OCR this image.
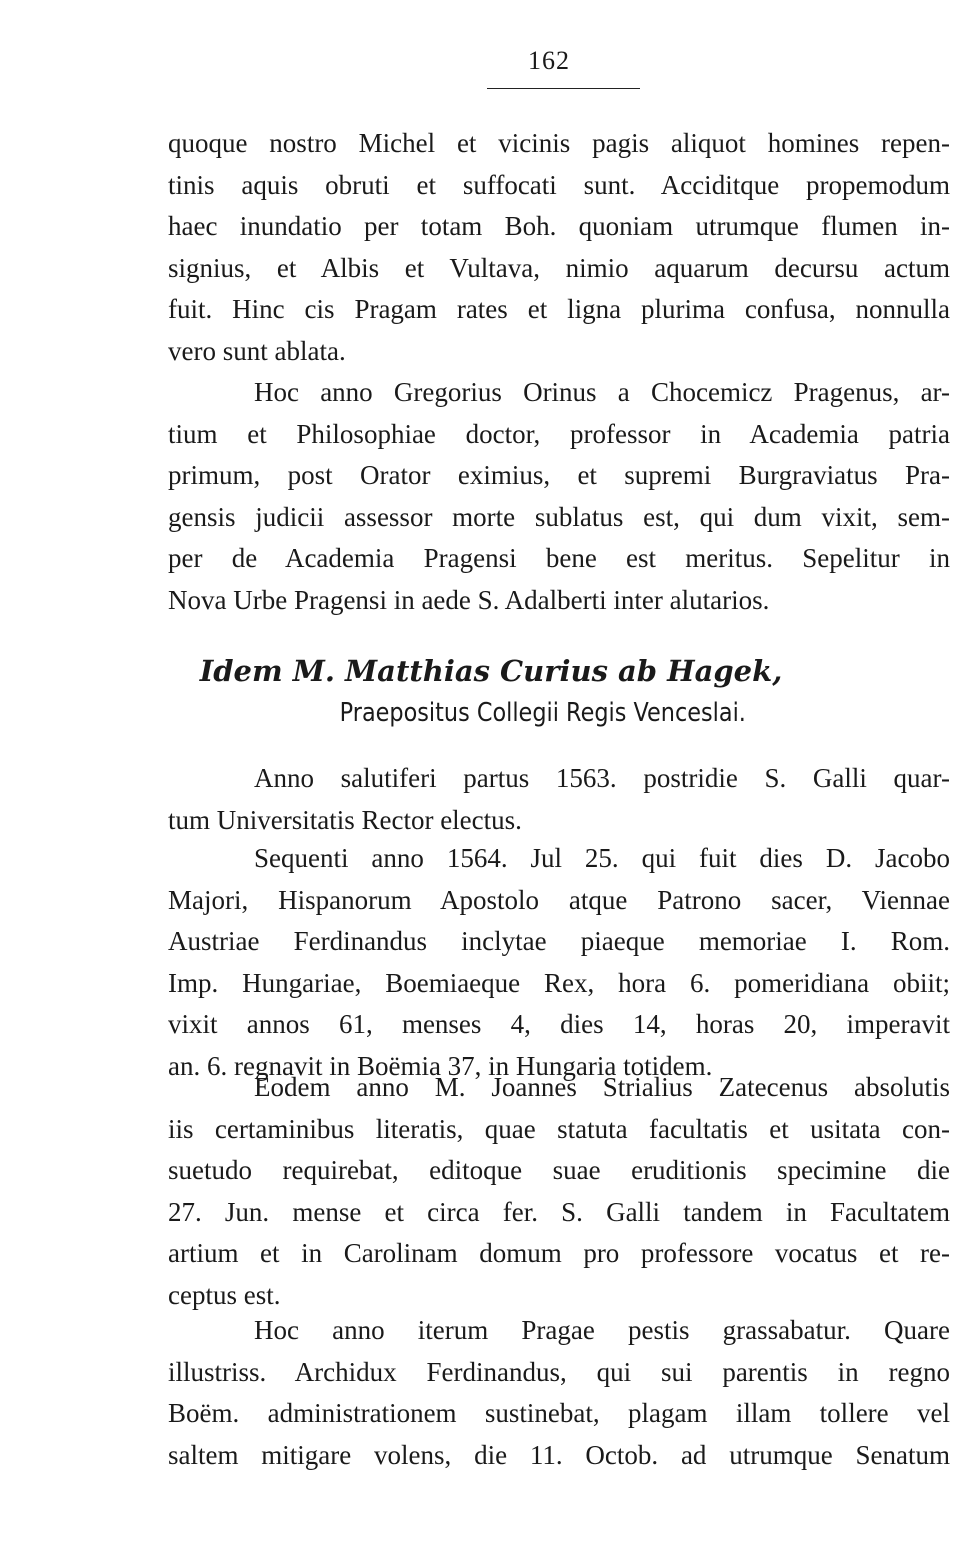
162
quoque nostro Michel et vicinis pagis aliquot homines repen-
tinis aquis obruti et suffocati sunt. Acciditque propemodum
haec inundatio per totam Boh. quoniam utrumque flumen in-
signius, et Albis et Vultava, nimio aquarum decursu actum
fuit. Hinc cis Pragam rates et ligna plurima confusa, nonnulla
vero sunt ablata.
Hoc anno Gregorius Orinus a Chocemicz Pragenus, ar-
tium et Philosophiae doctor, professor in Academia patria
primum, post Orator eximius, et supremi Burgraviatus Pra-
gensis judicii assessor morte sublatus est, qui dum vixit, sem-
per de Academia Pragensi bene est meritus. Sepelitur in
Nova Urbe Pragensi in aede S. Adalberti inter alutarios.
Idem M. Matthias Curius ab Hagek,
Praepositus Collegii Regis Venceslai.
Anno salutiferi partus 1563. postridie S. Galli quar-
tum Universitatis Rector electus.
Sequenti anno 1564. Jul 25. qui fuit dies D. Jacobo
Majori, Hispanorum Apostolo atque Patrono sacer, Viennae
Austriae Ferdinandus inclytae piaeque memoriae I. Rom.
Imp. Hungariae, Boemiaeque Rex, hora 6. pomeridiana obiit;
vixit annos 61, menses 4, dies 14, horas 20, imperavit
an. 6. regnavit in Boëmia 37, in Hungaria totidem.
Eodem anno M. Joannes Strialius Zatecenus absolutis
iis certaminibus literatis, quae statuta facultatis et usitata con-
suetudo requirebat, editoque suae eruditionis specimine die
27. Jun. mense et circa fer. S. Galli tandem in Facultatem
artium et in Carolinam domum pro professore vocatus et re-
ceptus est.
Hoc anno iterum Pragae pestis grassabatur. Quare
illustriss. Archidux Ferdinandus, qui sui parentis in regno
Boëm. administrationem sustinebat, plagam illam tollere vel
saltem mitigare volens, die 11. Octob. ad utrumque Senatum
